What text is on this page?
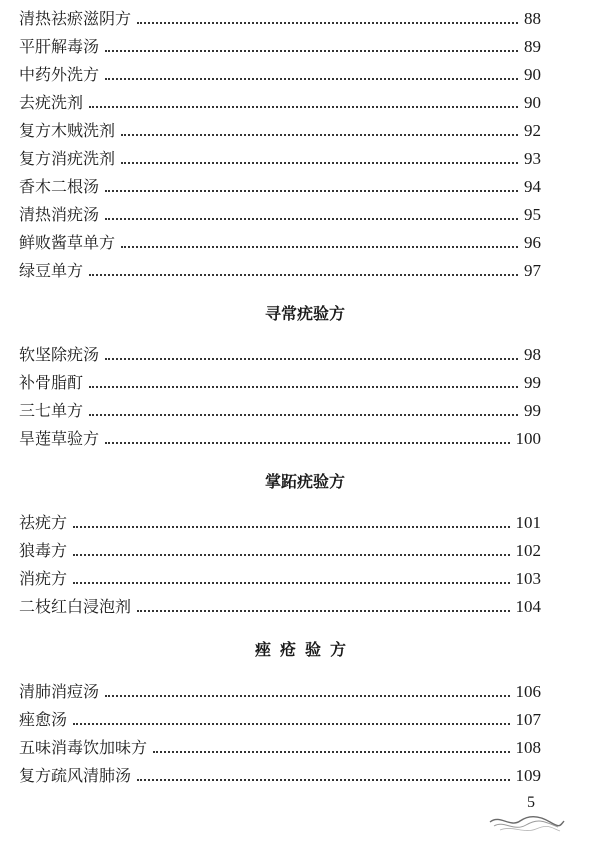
清热祛瘀滋阴方	88
平肝解毒汤	89
中药外洗方	90
去疣洗剂	90
复方木贼洗剂	92
复方消疣洗剂	93
香木二根汤	94
清热消疣汤	95
鲜败酱草单方	96
绿豆单方	97
寻常疣验方
软坚除疣汤	98
补骨脂酊	99
三七单方	99
旱莲草验方	100
掌跖疣验方
祛疣方	101
狼毒方	102
消疣方	103
二枝红白浸泡剂	104
痤疮验方
清肺消痘汤	106
痤愈汤	107
五味消毒饮加味方	108
复方疏风清肺汤	109
5
